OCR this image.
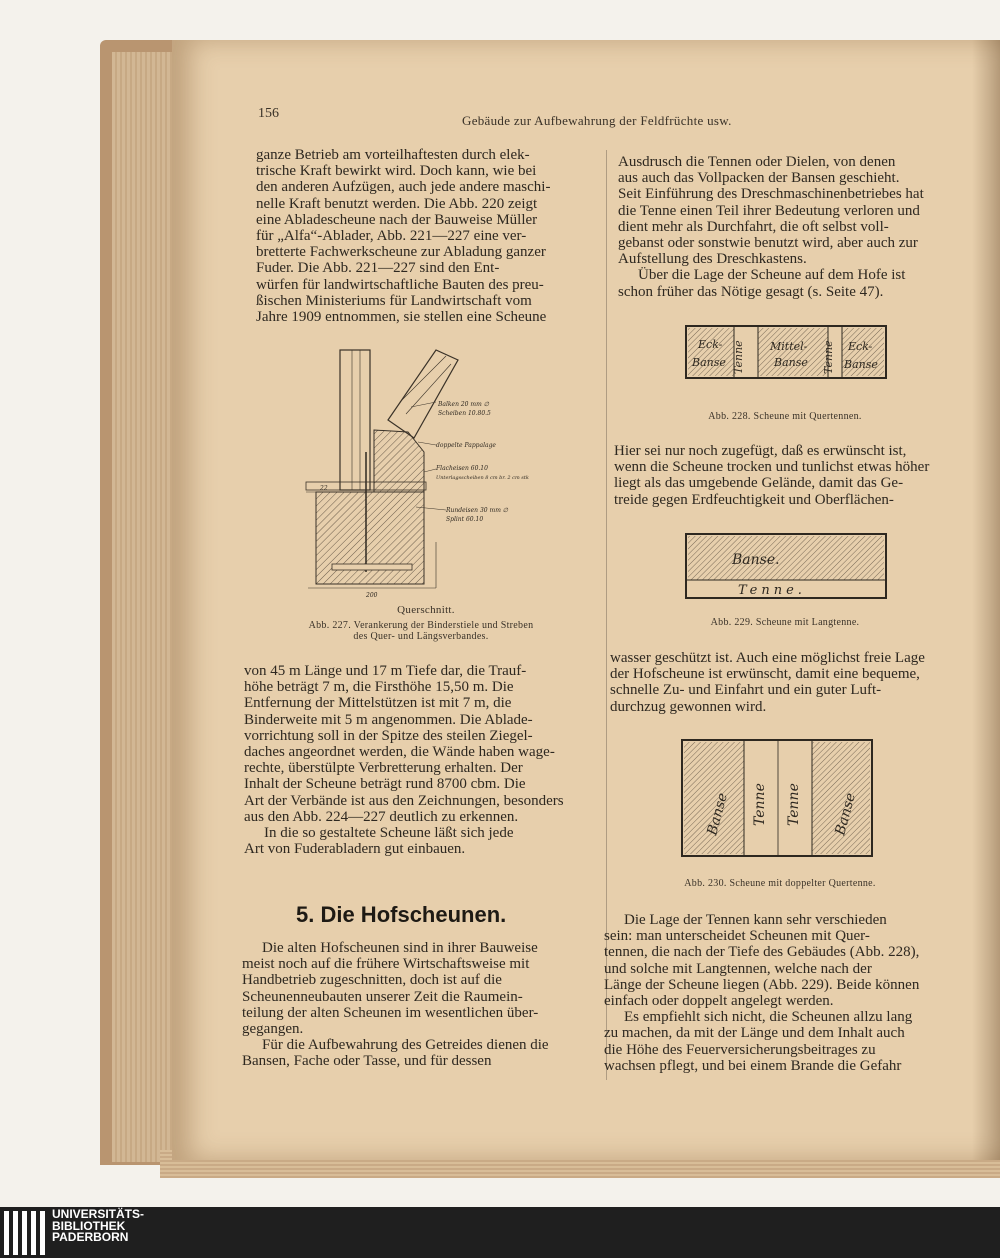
156	Gebäude zur Aufbewahrung der Feldfrüchte usw.

ganze Betrieb am vorteilhaftesten durch elek-

trische Kraft bewirkt wird. Doch kann, wie bei

den anderen Aufzügen, auch jede andere maschi-

nelle Kraft benutzt werden. Die Abb. 220 zeigt

eine Abladescheune nach der Bauweise Müller

für „Alfa“-Ablader, Abb. 221—227 eine ver-

bretterte Fachwerkscheune zur Abladung ganzer

Fuder. Die Abb. 221—227 sind den Ent-

würfen für landwirtschaftliche Bauten des preu-

ßischen Ministeriums für Landwirtschaft vom

Jahre 1909 entnommen, sie stellen eine Scheune

Balken 20 mm ∅
Scheiben 10.80.5
doppelte Pappalage
Flacheisen 60.10
Unterlagsscheiben 8 cm br. 2 cm stk
Rundeisen 30 mm ∅
Splint 60.10
22
200
Querschnitt.
Abb. 227. Verankerung der Binderstiele und Streben
des Quer- und Längsverbandes.

von 45 m Länge und 17 m Tiefe dar, die Trauf-

höhe beträgt 7 m, die Firsthöhe 15,50 m. Die

Entfernung der Mittelstützen ist mit 7 m, die

Binderweite mit 5 m angenommen. Die Ablade-

vorrichtung soll in der Spitze des steilen Ziegel-

daches angeordnet werden, die Wände haben wage-

rechte, überstülpte Verbretterung erhalten. Der

Inhalt der Scheune beträgt rund 8700 cbm. Die

Art der Verbände ist aus den Zeichnungen, besonders

aus den Abb. 224—227 deutlich zu erkennen.

In die so gestaltete Scheune läßt sich jede

Art von Fuderabladern gut einbauen.

5. Die Hofscheunen.

Die alten Hofscheunen sind in ihrer Bauweise

meist noch auf die frühere Wirtschaftsweise mit

Handbetrieb zugeschnitten, doch ist auf die

Scheunenneubauten unserer Zeit die Raumein-

teilung der alten Scheunen im wesentlichen über-

gegangen.

Für die Aufbewahrung des Getreides dienen die

Bansen, Fache oder Tasse, und für dessen

Ausdrusch die Tennen oder Dielen, von denen

aus auch das Vollpacken der Bansen geschieht.

Seit Einführung des Dreschmaschinenbetriebes hat

die Tenne einen Teil ihrer Bedeutung verloren und

dient mehr als Durchfahrt, die oft selbst voll-

gebanst oder sonstwie benutzt wird, aber auch zur

Aufstellung des Dreschkastens.

Über die Lage der Scheune auf dem Hofe ist

schon früher das Nötige gesagt (s. Seite 47).

Eck-
Banse Tenne Mittel-
Banse Tenne Eck-
Banse
Abb. 228. Scheune mit Quertennen.

Hier sei nur noch zugefügt, daß es erwünscht ist,

wenn die Scheune trocken und tunlichst etwas höher

liegt als das umgebende Gelände, damit das Ge-

treide gegen Erdfeuchtigkeit und Oberflächen-

Banse.
Tenne.
Abb. 229. Scheune mit Langtenne.

wasser geschützt ist. Auch eine möglichst freie Lage

der Hofscheune ist erwünscht, damit eine bequeme,

schnelle Zu- und Einfahrt und ein guter Luft-

durchzug gewonnen wird.

Banse Tenne Tenne Banse
Abb. 230. Scheune mit doppelter Quertenne.

Die Lage der Tennen kann sehr verschieden

sein: man unterscheidet Scheunen mit Quer-

tennen, die nach der Tiefe des Gebäudes (Abb. 228),

und solche mit Langtennen, welche nach der

Länge der Scheune liegen (Abb. 229). Beide können

einfach oder doppelt angelegt werden.

Es empfiehlt sich nicht, die Scheunen allzu lang

zu machen, da mit der Länge und dem Inhalt auch

die Höhe des Feuerversicherungsbeitrages zu

wachsen pflegt, und bei einem Brande die Gefahr

UNIVERSITÄTS-
BIBLIOTHEK
PADERBORN
